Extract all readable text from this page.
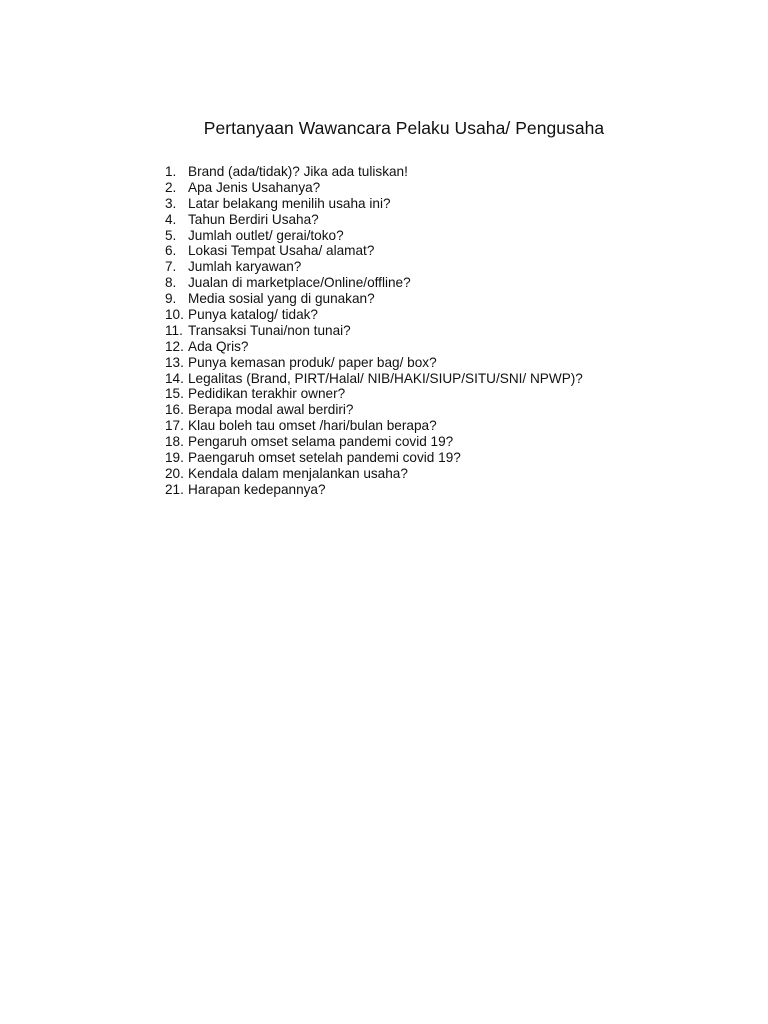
Pertanyaan Wawancara Pelaku Usaha/ Pengusaha
1. Brand (ada/tidak)? Jika ada tuliskan!
2. Apa Jenis Usahanya?
3. Latar belakang menilih usaha ini?
4. Tahun Berdiri Usaha?
5. Jumlah outlet/ gerai/toko?
6. Lokasi Tempat Usaha/ alamat?
7. Jumlah karyawan?
8. Jualan di marketplace/Online/offline?
9. Media sosial yang di gunakan?
10. Punya katalog/ tidak?
11. Transaksi Tunai/non tunai?
12. Ada Qris?
13. Punya kemasan produk/ paper bag/ box?
14. Legalitas (Brand, PIRT/Halal/ NIB/HAKI/SIUP/SITU/SNI/ NPWP)?
15. Pedidikan terakhir owner?
16. Berapa modal awal berdiri?
17. Klau boleh tau omset /hari/bulan berapa?
18. Pengaruh omset selama pandemi covid 19?
19. Paengaruh omset setelah pandemi covid 19?
20. Kendala dalam menjalankan usaha?
21. Harapan kedepannya?
